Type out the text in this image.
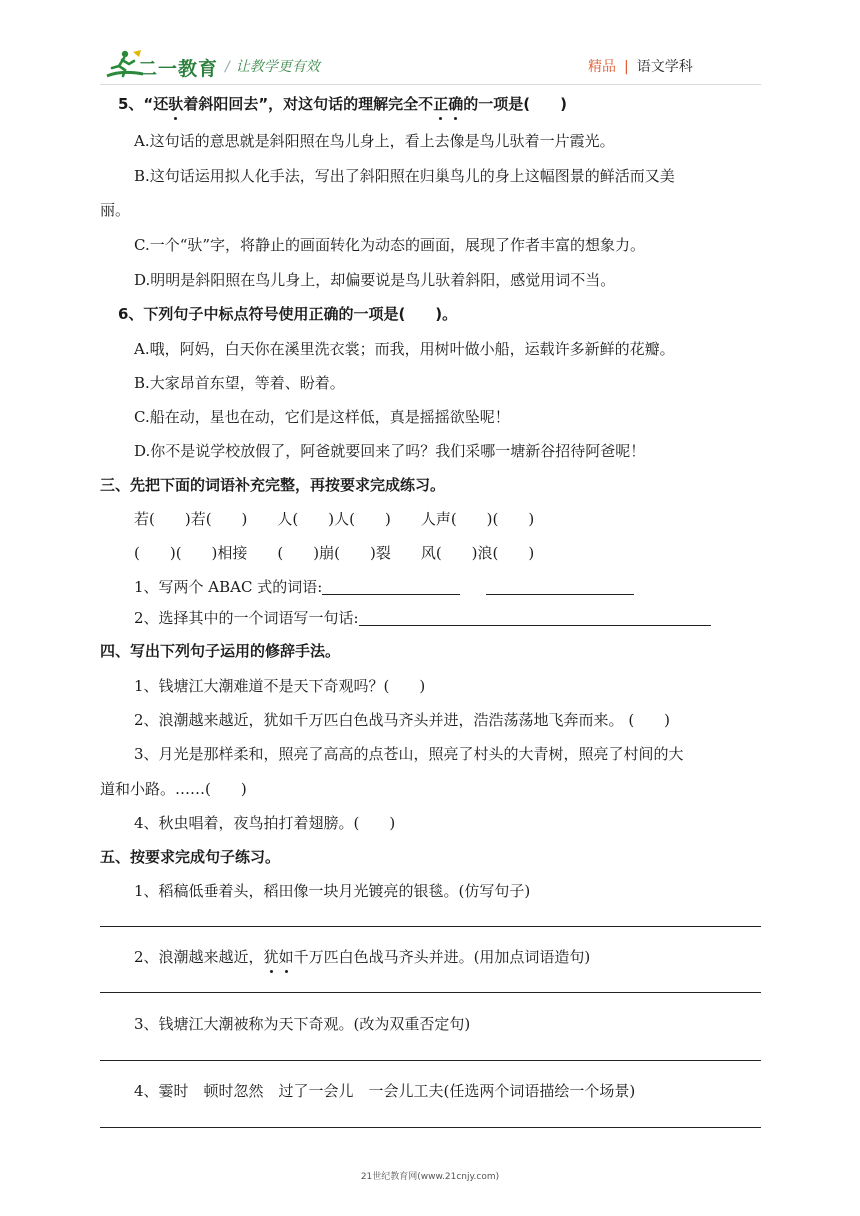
二一教育 / 让教学更有效	精品 | 语文学科
5、“还驮着斜阳回去”，对这句话的理解完全不正确的一项是(　　)
A.这句话的意思就是斜阳照在鸟儿身上，看上去像是鸟儿驮着一片霞光。
B.这句话运用拟人化手法，写出了斜阳照在归巢鸟儿的身上这幅图景的鲜活而又美
丽。
C.一个“驮”字，将静止的画面转化为动态的画面，展现了作者丰富的想象力。
D.明明是斜阳照在鸟儿身上，却偏要说是鸟儿驮着斜阳，感觉用词不当。
6、下列句子中标点符号使用正确的一项是(　　)。
A.哦，阿妈，白天你在溪里洗衣裳；而我，用树叶做小船，运载许多新鲜的花瓣。
B.大家昂首东望，等着、盼着。
C.船在动，星也在动，它们是这样低，真是摇摇欲坠呢！
D.你不是说学校放假了，阿爸就要回来了吗？我们采哪一塘新谷招待阿爸呢！
三、先把下面的词语补充完整，再按要求完成练习。
若(　　)若(　　)　　人(　　)人(　　)　　人声(　　)(　　)
(　　)(　　)相接　　(　　)崩(　　)裂　　风(　　)浪(　　)
1、写两个 ABAC 式的词语:
2、选择其中的一个词语写一句话:
四、写出下列句子运用的修辞手法。
1、钱塘江大潮难道不是天下奇观吗？(　　)
2、浪潮越来越近，犹如千万匹白色战马齐头并进，浩浩荡荡地飞奔而来。 (　　)
3、月光是那样柔和，照亮了高高的点苍山，照亮了村头的大青树，照亮了村间的大
道和小路。……(　　)
4、秋虫唱着，夜鸟拍打着翅膀。(　　)
五、按要求完成句子练习。
1、稻稿低垂着头，稻田像一块月光镀亮的银毯。(仿写句子)
2、浪潮越来越近，犹如千万匹白色战马齐头并进。(用加点词语造句)
3、钱塘江大潮被称为天下奇观。(改为双重否定句)
4、霎时　顿时忽然　过了一会儿　一会儿工夫(任选两个词语描绘一个场景)
21世纪教育网(www.21cnjy.com)
